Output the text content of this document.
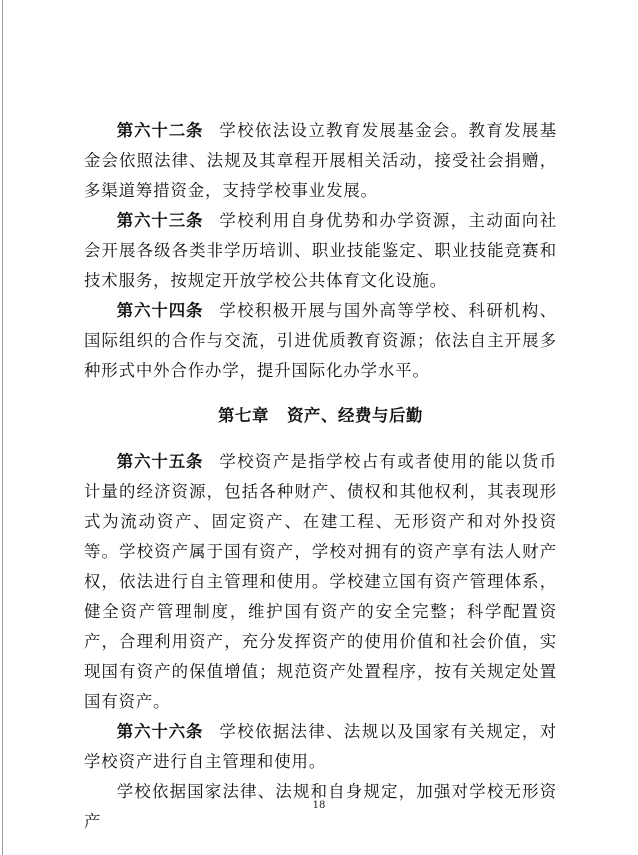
第六十二条 学校依法设立教育发展基金会。教育发展基金会依照法律、法规及其章程开展相关活动，接受社会捐赠，多渠道筹措资金，支持学校事业发展。

第六十三条 学校利用自身优势和办学资源，主动面向社会开展各级各类非学历培训、职业技能鉴定、职业技能竞赛和技术服务，按规定开放学校公共体育文化设施。

第六十四条 学校积极开展与国外高等学校、科研机构、国际组织的合作与交流，引进优质教育资源；依法自主开展多种形式中外合作办学，提升国际化办学水平。

第七章 资产、经费与后勤

第六十五条 学校资产是指学校占有或者使用的能以货币计量的经济资源，包括各种财产、债权和其他权利，其表现形式为流动资产、固定资产、在建工程、无形资产和对外投资等。学校资产属于国有资产，学校对拥有的资产享有法人财产权，依法进行自主管理和使用。学校建立国有资产管理体系，健全资产管理制度，维护国有资产的安全完整；科学配置资产，合理利用资产，充分发挥资产的使用价值和社会价值，实现国有资产的保值增值；规范资产处置程序，按有关规定处置国有资产。

第六十六条 学校依据法律、法规以及国家有关规定，对学校资产进行自主管理和使用。

学校依据国家法律、法规和自身规定，加强对学校无形资产

18
